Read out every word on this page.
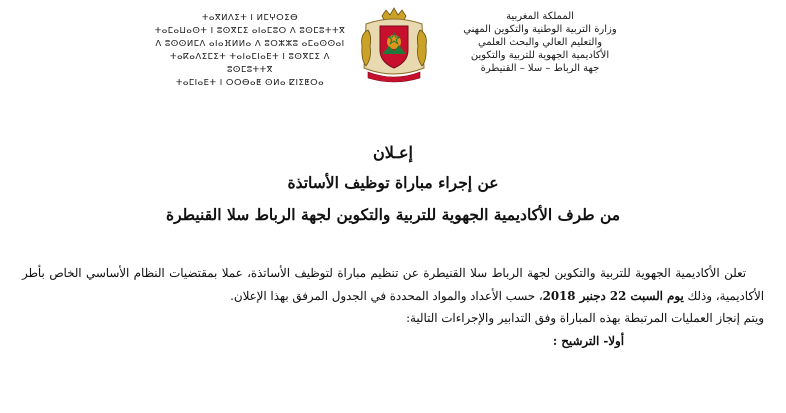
ⵜⴰⴳⵍⴷⵉⵜ ⵏ ⵍⵎⵖⵔⵉⴱ
ⵜⴰⵎⴰⵡⴰⵙⵜ ⵏ ⵓⵙⴳⵎⵉ ⴰⵏⴰⵎⵓⵔ ⴷ ⵓⵙⵎⵓⵜⵜⴳ
ⴷ ⵓⵙⵙⵍⵎⴷ ⴰⵏⴰⴼⵍⵍⴰ ⴷ ⵓⵔⵣⵣⵓ ⴰⵎⴰⵙⵙⴰⵏ
ⵜⴰⴽⴰⴷⵉⵎⵉⵜ ⵜⴰⵏⴰⵎⵏⴰⴹⵜ ⵏ ⵓⵙⴳⵎⵉ ⴷ ⵓⵙⵎⵓⵜⵜⴳ
ⵜⴰⵎⵏⴰⴹⵜ ⵏ ⵔⵔⴱⴰⵟ ⵙⵍⴰ ⵇⵏⵉⵟⵔⴰ
المملكة المغربية
وزارة التربية الوطنية والتكوين المهني
والتعليم العالي والبحث العلمي
الأكاديمية الجهوية للتربية والتكوين
جهة الرباط – سلا – القنيطرة
إعـلان
عن إجراء مباراة توظيف الأساتذة
من طرف الأكاديمية الجهوية للتربية والتكوين لجهة الرباط سلا القنيطرة

تعلن الأكاديمية الجهوية للتربية والتكوين لجهة الرباط سلا القنيطرة عن تنظيم مباراة لتوظيف الأساتذة، عملا بمقتضيات النظام الأساسي الخاص بأطر الأكاديمية، وذلك يوم السبت 22 دجنبر 2018، حسب الأعداد والمواد المحددة في الجدول المرفق بهذا الإعلان.

ويتم إنجاز العمليات المرتبطة بهذه المباراة وفق التدابير والإجراءات التالية:

أولا- الترشيح :
